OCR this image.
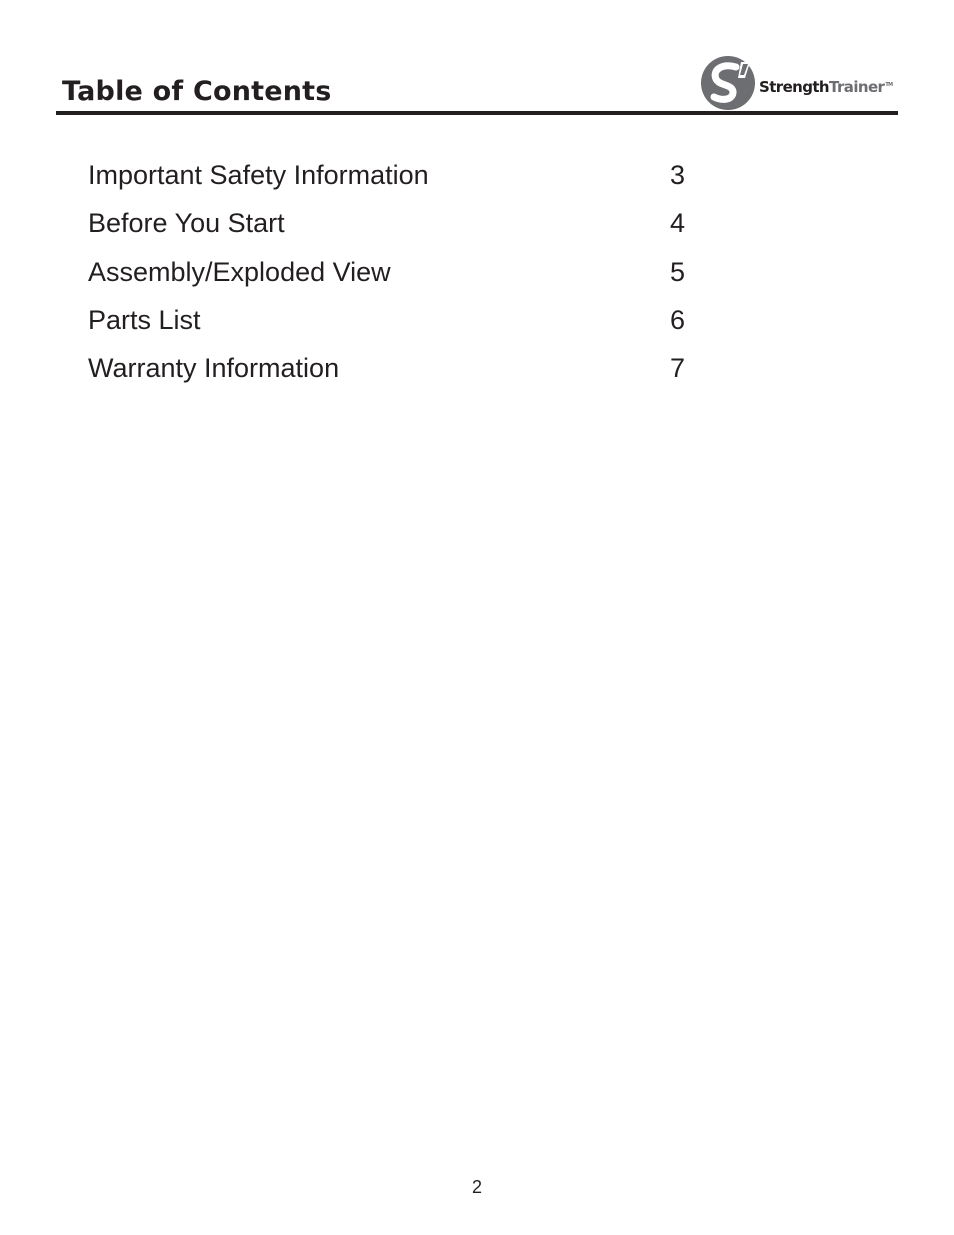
Table of Contents	StrengthTrainer™
Important Safety Information	3
Before You Start	4
Assembly/Exploded View	5
Parts List	6
Warranty Information	7
2
